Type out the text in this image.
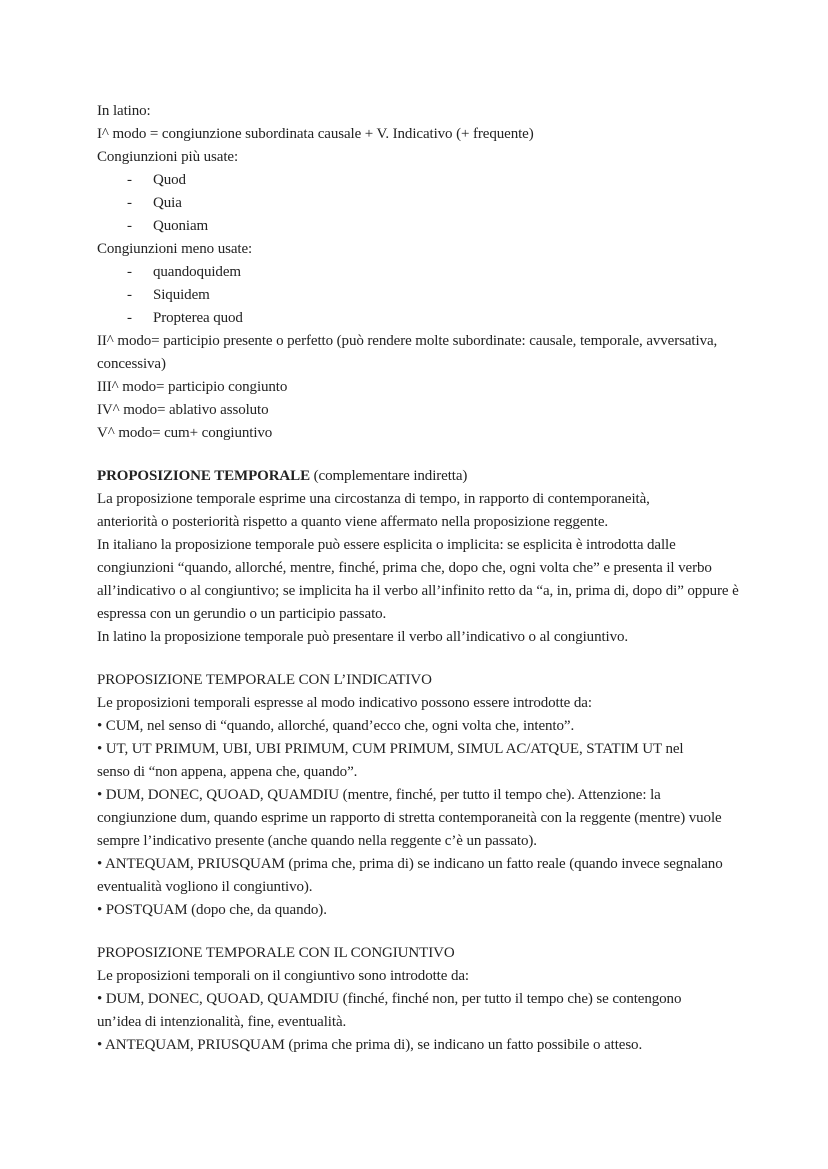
In latino:
I^ modo = congiunzione subordinata causale + V. Indicativo (+ frequente)
Congiunzioni più usate:
- Quod
- Quia
- Quoniam
Congiunzioni meno usate:
- quandoquidem
- Siquidem
- Propterea quod
II^ modo= participio presente o perfetto (può rendere molte subordinate: causale, temporale, avversativa,
concessiva)
III^ modo= participio congiunto
IV^ modo= ablativo assoluto
V^ modo= cum+ congiuntivo
PROPOSIZIONE TEMPORALE (complementare indiretta)
La proposizione temporale esprime una circostanza di tempo, in rapporto di contemporaneità,
anteriorità o posteriorità rispetto a quanto viene affermato nella proposizione reggente.
In italiano la proposizione temporale può essere esplicita o implicita: se esplicita è introdotta dalle
congiunzioni “quando, allorché, mentre, finché, prima che, dopo che, ogni volta che” e presenta il verbo
all’indicativo o al congiuntivo; se implicita ha il verbo all’infinito retto da “a, in, prima di, dopo di” oppure è
espressa con un gerundio o un participio passato.
In latino la proposizione temporale può presentare il verbo all’indicativo o al congiuntivo.
PROPOSIZIONE TEMPORALE CON L’INDICATIVO
Le proposizioni temporali espresse al modo indicativo possono essere introdotte da:
• CUM, nel senso di “quando, allorché, quand’ecco che, ogni volta che, intento”.
• UT, UT PRIMUM, UBI, UBI PRIMUM, CUM PRIMUM, SIMUL AC/ATQUE, STATIM UT nel
senso di “non appena, appena che, quando”.
• DUM, DONEC, QUOAD, QUAMDIU (mentre, finché, per tutto il tempo che). Attenzione: la
congiunzione dum, quando esprime un rapporto di stretta contemporaneità con la reggente (mentre) vuole
sempre l’indicativo presente (anche quando nella reggente c’è un passato).
• ANTEQUAM, PRIUSQUAM (prima che, prima di) se indicano un fatto reale (quando invece segnalano
eventualità vogliono il congiuntivo).
• POSTQUAM (dopo che, da quando).
PROPOSIZIONE TEMPORALE CON IL CONGIUNTIVO
Le proposizioni temporali on il congiuntivo sono introdotte da:
• DUM, DONEC, QUOAD, QUAMDIU (finché, finché non, per tutto il tempo che) se contengono
un’idea di intenzionalità, fine, eventualità.
• ANTEQUAM, PRIUSQUAM (prima che prima di), se indicano un fatto possibile o atteso.
